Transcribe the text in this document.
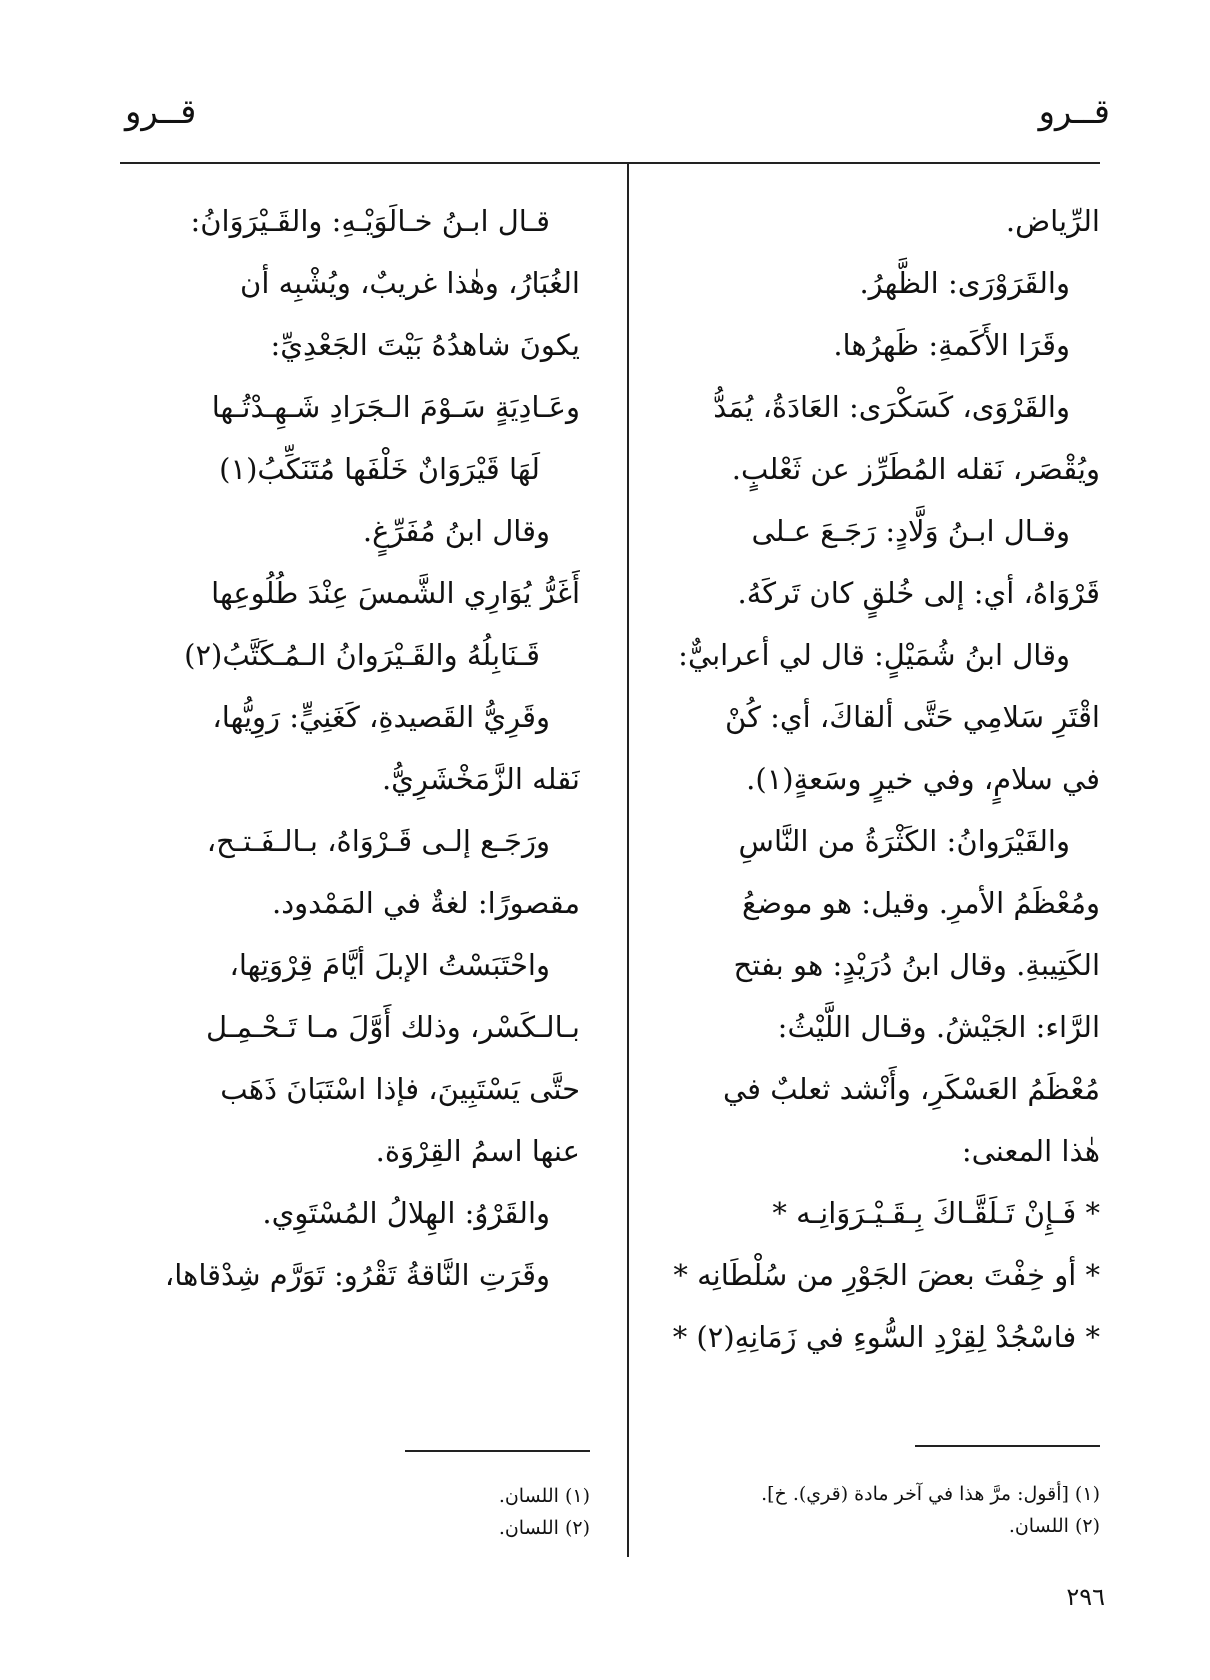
قــرو
قــرو
الرِّياض.
والقَرَوْرَى: الظَّهرُ.
وقَرَا الأَكَمةِ: ظَهرُها.
والقَرْوَى، كَسَكْرَى: العَادَةُ، يُمَدُّ
ويُقْصَر، نَقله المُطَرِّز عن ثَعْلبٍ.
وقـال ابـنُ وَلَّادٍ: رَجَـعَ عـلى
قَرْوَاهُ، أي: إلى خُلقٍ كان تَركَهُ.
وقال ابنُ شُمَيْلٍ: قال لي أعرابيٌّ:
اقْتَرِ سَلامِي حَتَّى ألقاكَ، أي: كُنْ
في سلامٍ، وفي خيرٍ وسَعةٍ(١).
والقَيْرَوانُ: الكَثْرَةُ من النَّاسِ
ومُعْظَمُ الأمرِ. وقيل: هو موضعُ
الكَتِيبةِ. وقال ابنُ دُرَيْدٍ: هو بفتح
الرَّاء: الجَيْشُ. وقـال اللَّيْثُ:
مُعْظَمُ العَسْكَرِ، وأَنْشد ثعلبٌ في
هٰذا المعنى:
* فَـإِنْ تَـلَقَّـاكَ بِـقَـيْـرَوَانِـه *
* أو خِفْتَ بعضَ الجَوْرِ من سُلْطَانِه *
* فاسْجُدْ لِقِرْدِ السُّوءِ في زَمَانِهِ(٢) *
قـال ابـنُ خـالَوَيْـهِ: والقَـيْرَوَانُ:
الغُبَارُ، وهٰذا غريبٌ، ويُشْبِه أن
يكونَ شاهدُهُ بَيْتَ الجَعْدِيِّ:
وعَـادِيَةٍ سَـوْمَ الـجَرَادِ شَـهِـدْتُـها
لَهَا قَيْرَوَانٌ خَلْفَها مُتَنَكِّبُ(١)
وقال ابنُ مُفَرِّغٍ.
أَغَرُّ يُوَارِي الشَّمسَ عِنْدَ طُلُوعِها
قَـنَابِلُهُ والقَـيْرَوانُ الـمُـكَتَّبُ(٢)
وقَرِيُّ القَصيدةِ، كَغَنِيٍّ: رَوِيُّها،
نَقله الزَّمَخْشَرِيُّ.
ورَجَـع إلـى قَـرْوَاهُ، بـالـفَـتـح،
مقصورًا: لغةٌ في المَمْدود.
واحْتَبَسْتُ الإبلَ أيَّامَ قِرْوَتِها،
بـالـكَسْر، وذلك أَوَّلَ مـا تَـحْـمِـل
حتَّى يَسْتَبِينَ، فإذا اسْتَبَانَ ذَهَب
عنها اسمُ القِرْوَة.
والقَرْوُ: الهِلالُ المُسْتَوِي.
وقَرَتِ النَّاقةُ تَقْرُو: تَوَرَّم شِدْقاها،
(١) [أقول: مرَّ هذا في آخر مادة (قري). خ].
(٢) اللسان.
(١) اللسان.
(٢) اللسان.
٢٩٦
